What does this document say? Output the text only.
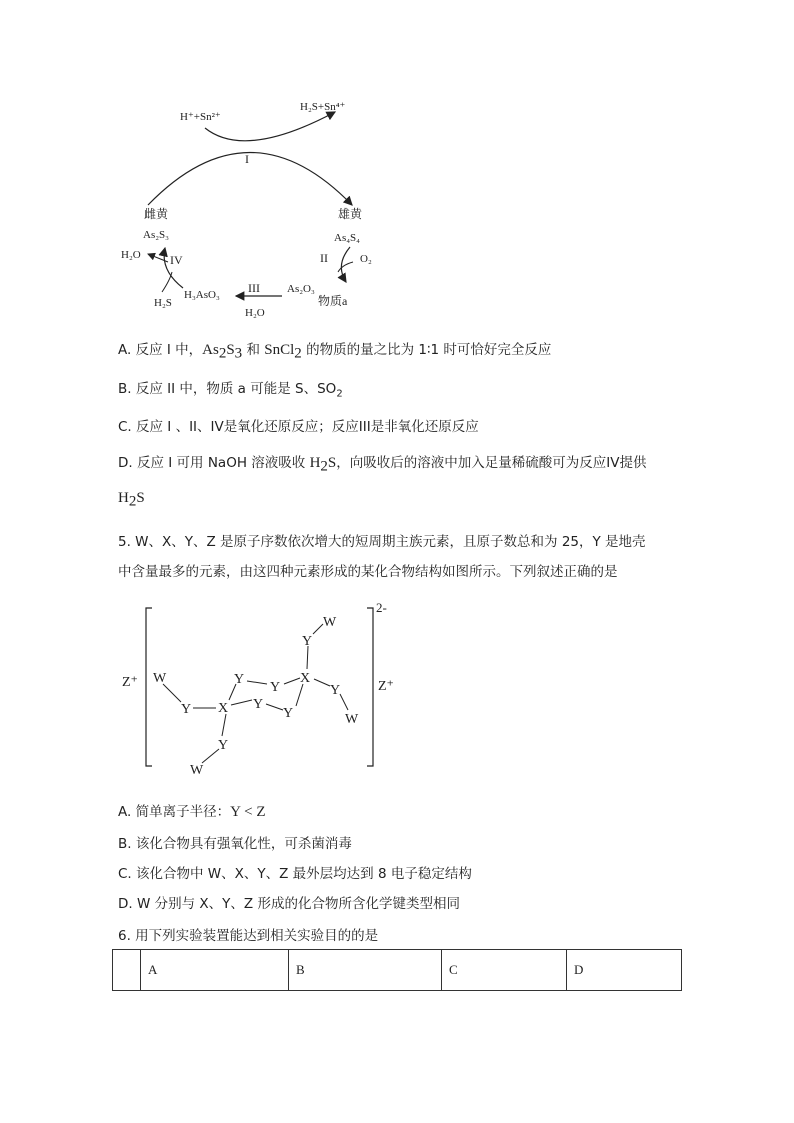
H⁺+Sn²⁺
H₂S+Sn⁴⁺
I
雌黄
As₂S₃
雄黄
As₄S₄
II	O₂
As₂O₃
物质a
III
H₃AsO₃
H₂O
IV
H₂O
H₂S
2-
Z⁺	Z⁺
W
Y X
Y
Y
W
Y
Y
Y
X
Y
W
Y
W
A. 反应 I 中，$As_2S_3$ 和 SnCl$_2$ 的物质的量之比为 1∶1 时可恰好完全反应
B. 反应 II 中，物质 a 可能是 S、$SO_2$
C. 反应 I 、II、IV是氧化还原反应；反应III是非氧化还原反应
D. 反应 I 可用 NaOH 溶液吸收 $H_2S$，向吸收后的溶液中加入足量稀硫酸可为反应IV提供
$H_2S$
5. W、X、Y、Z 是原子序数依次增大的短周期主族元素，且原子数总和为 25，Y 是地壳
中含量最多的元素，由这四种元素形成的某化合物结构如图所示。下列叙述正确的是
A. 简单离子半径：Y < Z
B. 该化合物具有强氧化性，可杀菌消毒
C. 该化合物中 W、X、Y、Z 最外层均达到 8 电子稳定结构
D. W 分别与 X、Y、Z 形成的化合物所含化学键类型相同
6. 用下列实验装置能达到相关实验目的的是
	A	B	C	D
